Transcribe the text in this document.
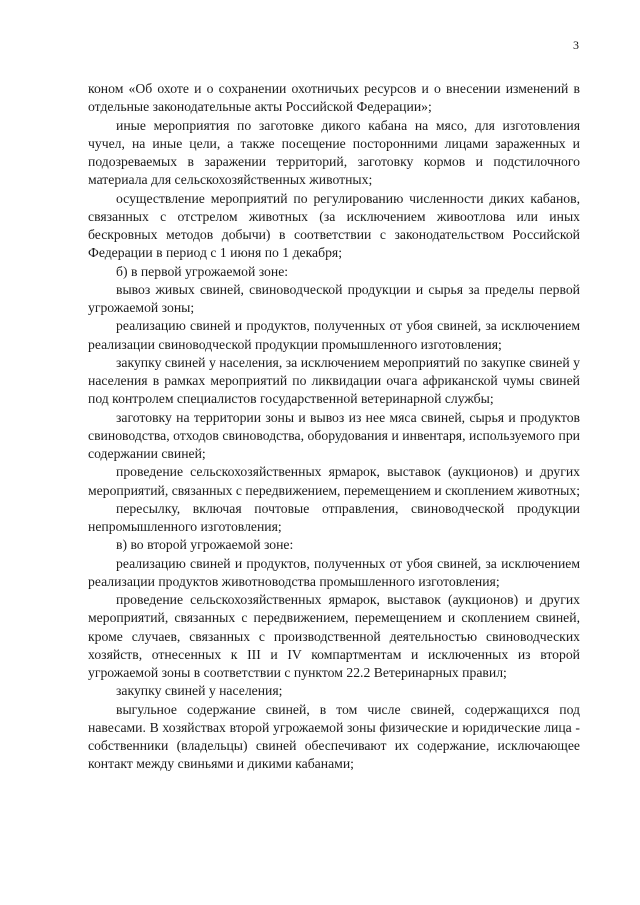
3

коном «Об охоте и о сохранении охотничьих ресурсов и о внесении изменений в отдельные законодательные акты Российской Федерации»;

иные мероприятия по заготовке дикого кабана на мясо, для изготовления чучел, на иные цели, а также посещение посторонними лицами зараженных и подозреваемых в заражении территорий, заготовку кормов и подстилочного материала для сельскохозяйственных животных;

осуществление мероприятий по регулированию численности диких кабанов, связанных с отстрелом животных (за исключением живоотлова или иных бескровных методов добычи) в соответствии с законодательством Российской Федерации в период с 1 июня по 1 декабря;

б) в первой угрожаемой зоне:

вывоз живых свиней, свиноводческой продукции и сырья за пределы первой угрожаемой зоны;

реализацию свиней и продуктов, полученных от убоя свиней, за исключением реализации свиноводческой продукции промышленного изготовления;

закупку свиней у населения, за исключением мероприятий по закупке свиней у населения в рамках мероприятий по ликвидации очага африканской чумы свиней под контролем специалистов государственной ветеринарной службы;

заготовку на территории зоны и вывоз из нее мяса свиней, сырья и продуктов свиноводства, отходов свиноводства, оборудования и инвентаря, используемого при содержании свиней;

проведение сельскохозяйственных ярмарок, выставок (аукционов) и других мероприятий, связанных с передвижением, перемещением и скоплением животных;

пересылку, включая почтовые отправления, свиноводческой продукции непромышленного изготовления;

в) во второй угрожаемой зоне:

реализацию свиней и продуктов, полученных от убоя свиней, за исключением реализации продуктов животноводства промышленного изготовления;

проведение сельскохозяйственных ярмарок, выставок (аукционов) и других мероприятий, связанных с передвижением, перемещением и скоплением свиней, кроме случаев, связанных с производственной деятельностью свиноводческих хозяйств, отнесенных к III и IV компартментам и исключенных из второй угрожаемой зоны в соответствии с пунктом 22.2 Ветеринарных правил;

закупку свиней у населения;

выгульное содержание свиней, в том числе свиней, содержащихся под навесами. В хозяйствах второй угрожаемой зоны физические и юридические лица - собственники (владельцы) свиней обеспечивают их содержание, исключающее контакт между свиньями и дикими кабанами;
